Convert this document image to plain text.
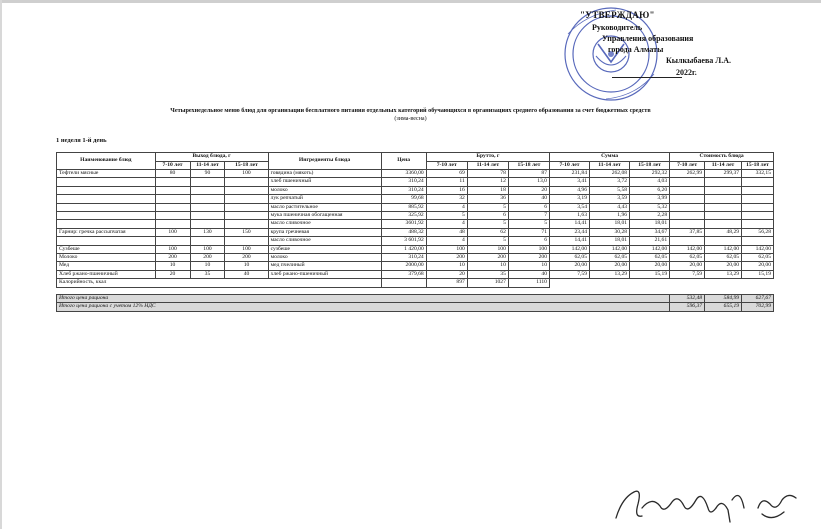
"УТВЕРЖДАЮ"
Руководитель
Управления образования
города Алматы
Кылкыбаева Л.А.
2022г.
Четырехнедельное меню блюд для организации бесплатного питания отдельных категорий обучающихся в организациях среднего образования за счет бюджетных средств
(зима-весна)
1 неделя 1-й день
Наименование блюд	Выход блюда, г			Ингредиенты блюда	Цена	Брутто, г			Сумма			Стоимость блюда		
	7-10 лет	11-14 лет	15-18 лет			7-10 лет	11-14 лет	15-18 лет	7-10 лет	11-14 лет	15-18 лет	7-10 лет	11-14 лет	15-18 лет
Тефтели мясные	80	90	100	говядина (мякоть)	3360,00	69	78	87	231,84	262,08	292,32	262,99	299,37	332,15
				хлеб пшеничный	310,24	11	12	13,0	3,41	3,72	4,03			
				молоко	310,24	16	18	20	4,96	5,58	6,20			
				лук репчатый	99,68	32	36	40	3,19	3,59	3,99			
				масло растительное	885,92	4	5	6	3,54	4,43	5,32			
				мука пшеничная обогащенная	325,92	5	6	7	1,63	1,96	2,28			
				масло сливочное	3601,92	4	5	5	14,41	18,01	18,01			
Гарнир: гречка рассыпчатая	100	130	150	крупа гречневая	488,32	48	62	71	23,44	30,28	34,67	37,85	48,29	56,28
				масло сливочное	3 601,92	4	5	6	14,41	18,01	21,61			
Сузбеше	100	100	100	сузбеше	1 420,00	100	100	100	142,00	142,00	142,00	142,00	142,00	142,00
Молоко	200	200	200	молоко	310,24	200	200	200	62,05	62,05	62,05	62,05	62,05	62,05
Мед	10	10	10	мед пчелиный	2000,00	10	10	10	20,00	20,00	20,00	20,00	20,00	20,00
Хлеб ржано-пшеничный	20	35	40	хлеб ржано-пшеничный	379,68	20	35	40	7,59	13,29	15,19	7,59	13,29	15,19
Калорийность, ккал						897	1027	1110						

Итого цена рациона												532,48	584,99	627,67
Итого цена рациона с учетом 12% НДС												596,37	655,19	702,99
